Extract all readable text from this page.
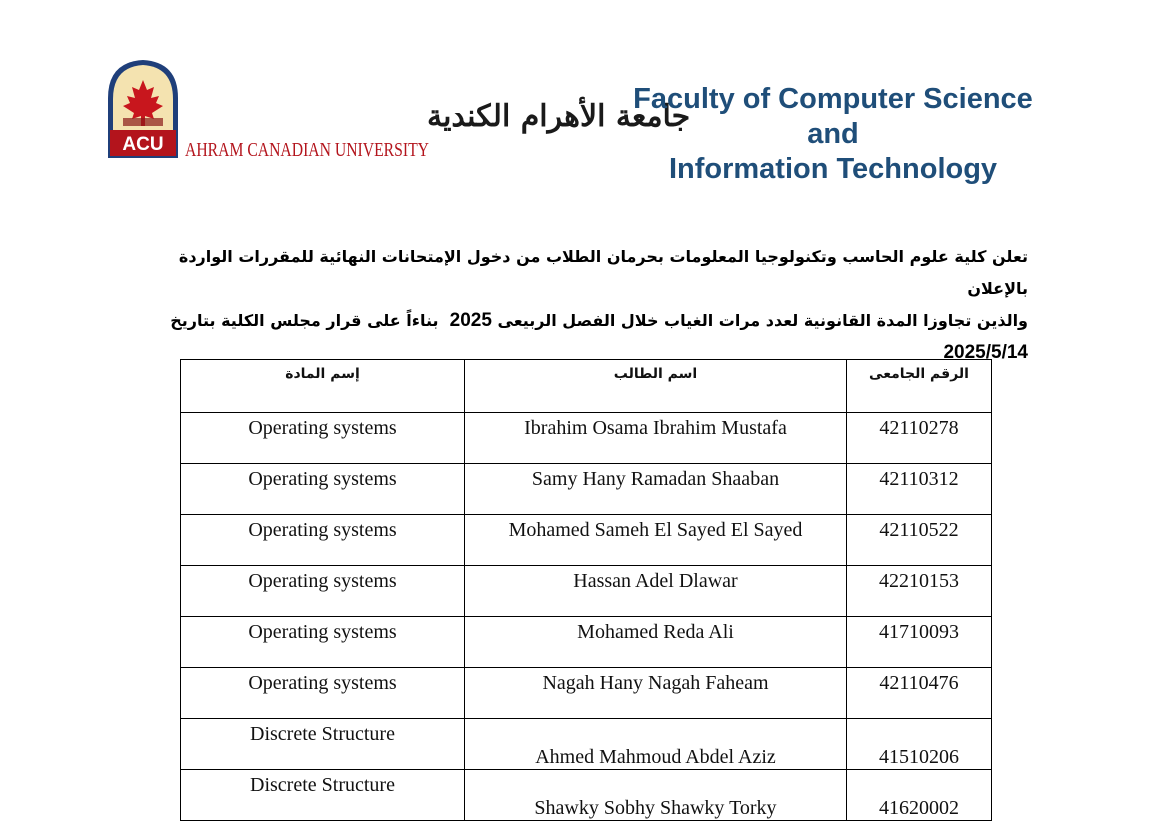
ACU
جامعة الأهرام الكندية
AHRAM CANADIAN UNIVERSITY
Faculty of Computer Science
and
Information Technology
تعلن كلية علوم الحاسب وتكنولوجيا المعلومات بحرمان الطلاب من دخول الإمتحانات النهائية للمقررات الواردة بالإعلان
والذين تجاوزا المدة القانونية لعدد مرات الغياب خلال الفصل الربيعى 2025  بناءاً على قرار مجلس الكلية بتاريخ
2025/5/14
إسم المادة	اسم الطالب	الرقم الجامعى
Operating systems	Ibrahim Osama Ibrahim Mustafa	42110278
Operating systems	Samy Hany Ramadan Shaaban	42110312
Operating systems	Mohamed Sameh El Sayed El Sayed	42110522
Operating systems	Hassan Adel Dlawar	42210153
Operating systems	Mohamed Reda Ali	41710093
Operating systems	Nagah Hany Nagah Faheam	42110476
Discrete Structure	Ahmed Mahmoud Abdel Aziz	41510206
Discrete Structure	Shawky Sobhy Shawky Torky	41620002
